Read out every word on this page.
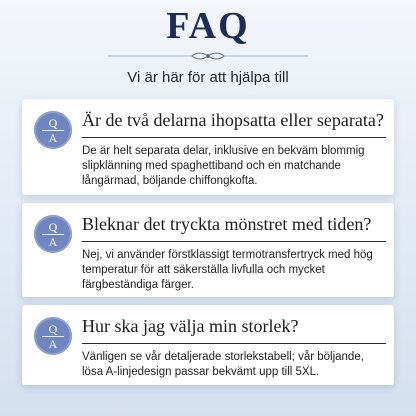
FAQ
Vi är här för att hjälpa till
Q
A
Är de två delarna ihopsatta eller separata?
De är helt separata delar, inklusive en bekväm blommig slipklänning med spaghettiband och en matchande långärmad, böljande chiffongkofta.
Q
A
Bleknar det tryckta mönstret med tiden?
Nej, vi använder förstklassigt termotransfertryck med hög temperatur för att säkerställa livfulla och mycket färgbeständiga färger.
Q
A
Hur ska jag välja min storlek?
Vänligen se vår detaljerade storlekstabell; vår böljande, lösa A-linjedesign passar bekvämt upp till 5XL.
